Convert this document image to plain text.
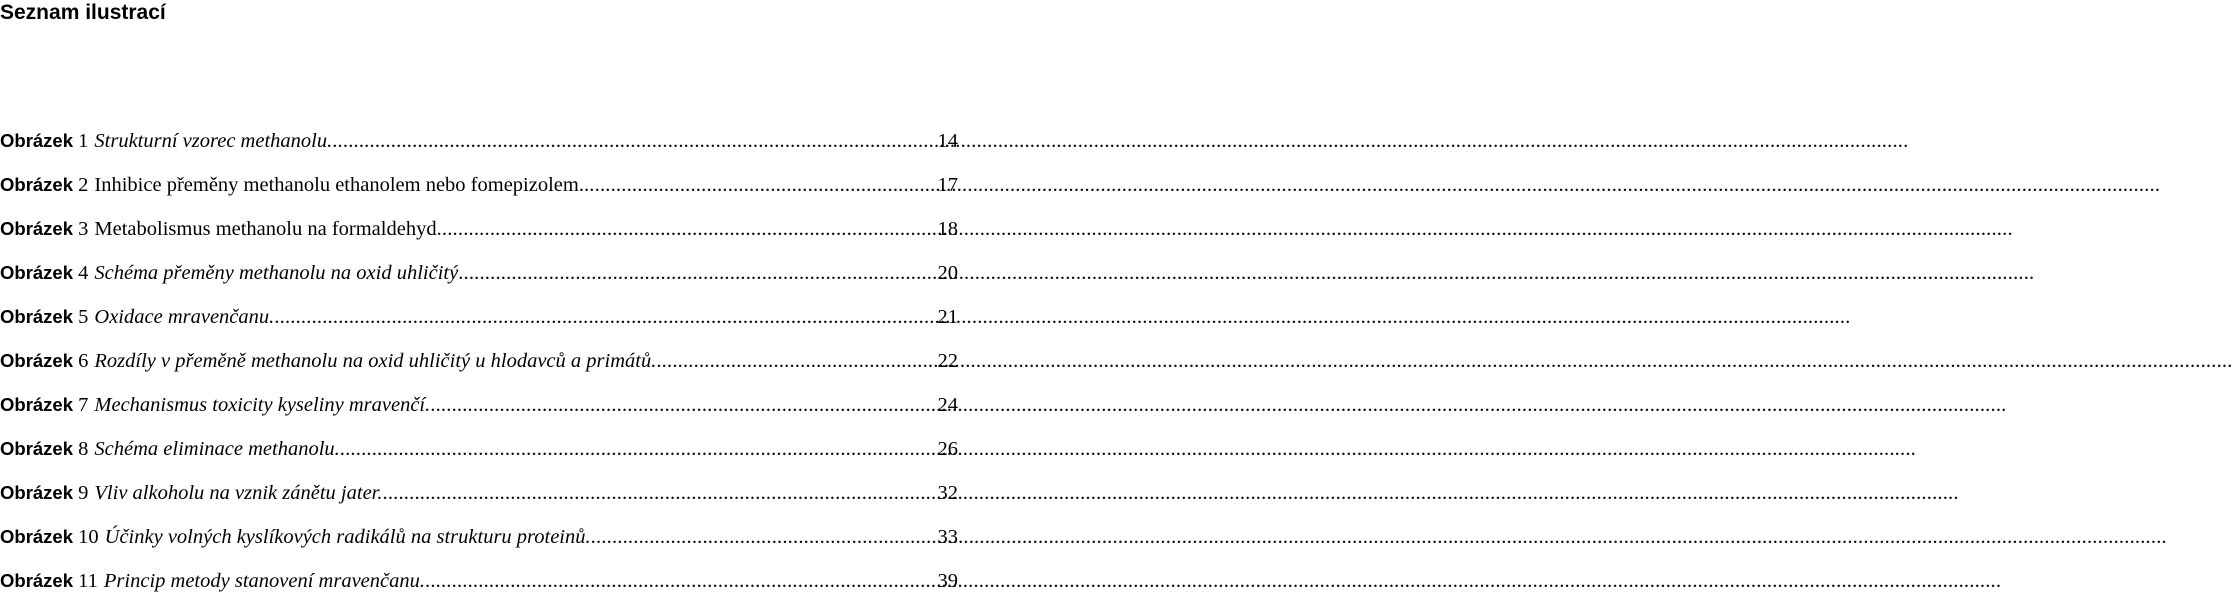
Seznam ilustrací
Obrázek 1 Strukturní vzorec methanolu. .....	14
Obrázek 2 Inhibice přeměny methanolu ethanolem nebo fomepizolem. .....	17
Obrázek 3 Metabolismus methanolu na formaldehyd .....	18
Obrázek 4 Schéma přeměny methanolu na oxid uhličitý .....	20
Obrázek 5 Oxidace mravenčanu. .....	21
Obrázek 6 Rozdíly v přeměně methanolu na oxid uhličitý u hlodavců a primátů. .....	22
Obrázek 7 Mechanismus toxicity kyseliny mravenčí. .....	24
Obrázek 8 Schéma eliminace methanolu. .....	26
Obrázek 9 Vliv alkoholu na vznik zánětu jater. .....	32
Obrázek 10 Účinky volných kyslíkových radikálů na strukturu proteinů. .....	33
Obrázek 11 Princip metody stanovení mravenčanu. .....	39
